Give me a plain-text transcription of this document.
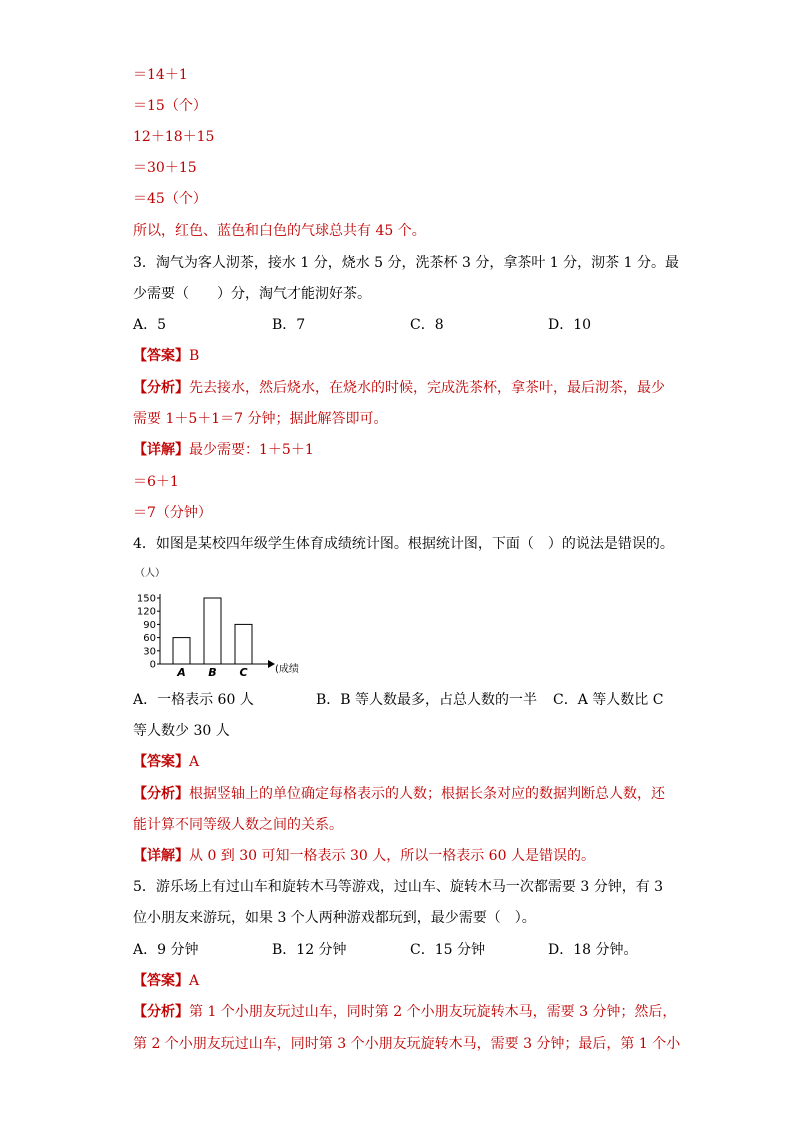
＝14＋1
＝15（个）
12＋18＋15
＝30＋15
＝45（个）
所以，红色、蓝色和白色的气球总共有 45 个。
3．淘气为客人沏茶，接水 1 分，烧水 5 分，洗茶杯 3 分，拿茶叶 1 分，沏茶 1 分。最
少需要（　　）分，淘气才能沏好茶。
A．5	B．7	C．8	D．10
【答案】B
【分析】先去接水，然后烧水，在烧水的时候，完成洗茶杯，拿茶叶，最后沏茶，最少
需要 1＋5＋1＝7 分钟；据此解答即可。
【详解】最少需要：1＋5＋1
＝6＋1
＝7（分钟）
4．如图是某校四年级学生体育成绩统计图。根据统计图，下面（　）的说法是错误的。
（人）
(成绩
0
30
60
90
120
150
A B C
A．一格表示 60 人	B．B 等人数最多，占总人数的一半 C．A 等人数比 C
等人数少 30 人
【答案】A
【分析】根据竖轴上的单位确定每格表示的人数；根据长条对应的数据判断总人数，还
能计算不同等级人数之间的关系。
【详解】从 0 到 30 可知一格表示 30 人，所以一格表示 60 人是错误的。
5．游乐场上有过山车和旋转木马等游戏，过山车、旋转木马一次都需要 3 分钟，有 3
位小朋友来游玩，如果 3 个人两种游戏都玩到，最少需要（　）。
A．9 分钟	B．12 分钟	C．15 分钟	D．18 分钟。
【答案】A
【分析】第 1 个小朋友玩过山车，同时第 2 个小朋友玩旋转木马，需要 3 分钟；然后，
第 2 个小朋友玩过山车，同时第 3 个小朋友玩旋转木马，需要 3 分钟；最后，第 1 个小
